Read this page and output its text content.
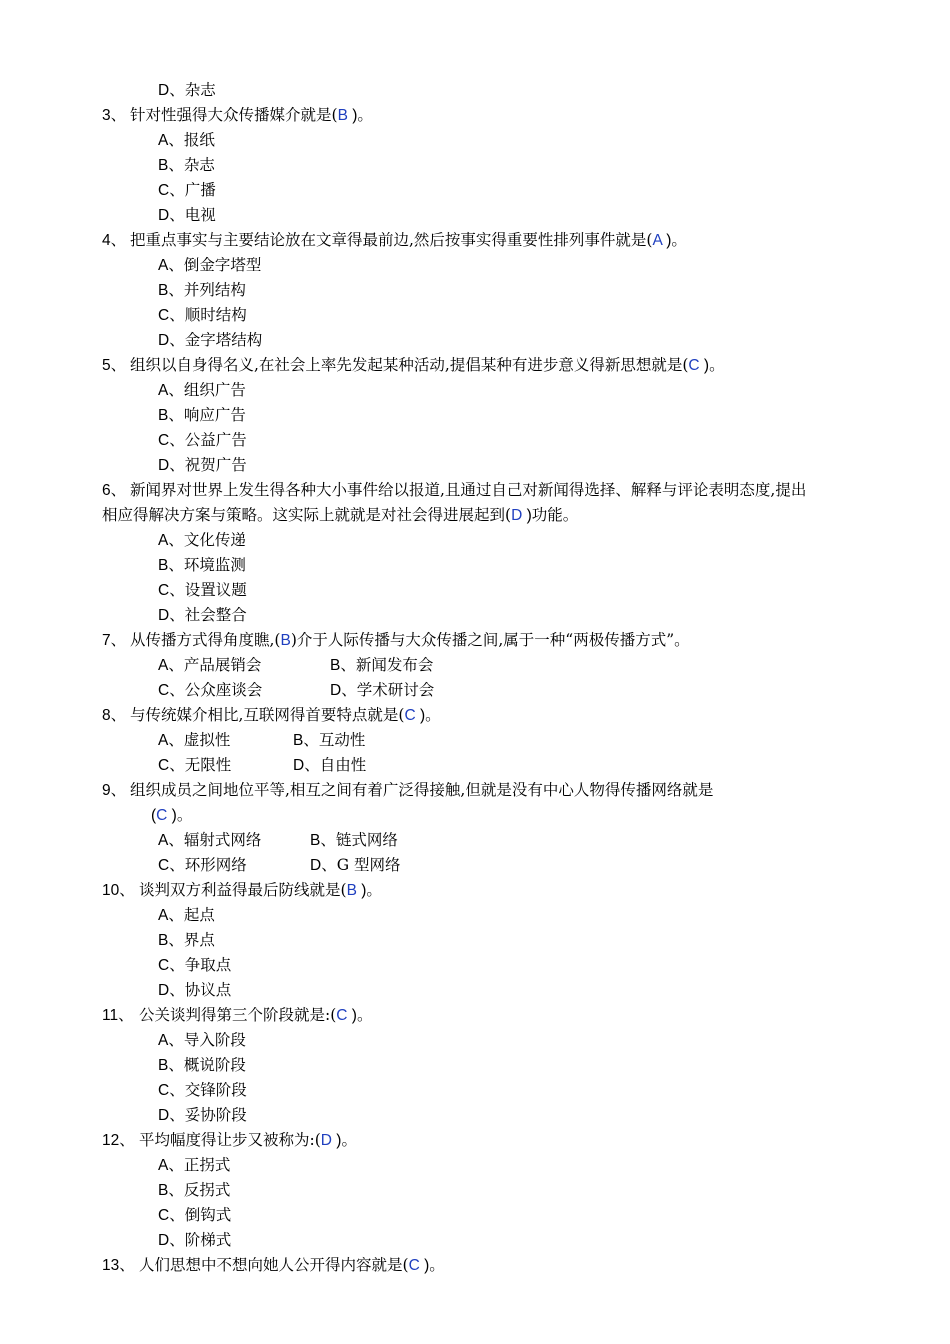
D、杂志
3、 针对性强得大众传播媒介就是(B )。
A、报纸
B、杂志
C、广播
D、电视
4、 把重点事实与主要结论放在文章得最前边,然后按事实得重要性排列事件就是(A )。
A、倒金字塔型
B、并列结构
C、顺时结构
D、金字塔结构
5、 组织以自身得名义,在社会上率先发起某种活动,提倡某种有进步意义得新思想就是(C )。
A、组织广告
B、响应广告
C、公益广告
D、祝贺广告
6、 新闻界对世界上发生得各种大小事件给以报道,且通过自己对新闻得选择、解释与评论表明态度,提出
相应得解决方案与策略。这实际上就就是对社会得进展起到(D )功能。
A、文化传递
B、环境监测
C、设置议题
D、社会整合
7、 从传播方式得角度瞧,(B)介于人际传播与大众传播之间,属于一种“两极传播方式”。
A、产品展销会	B、新闻发布会
C、公众座谈会	D、学术研讨会
8、 与传统媒介相比,互联网得首要特点就是(C )。
A、虚拟性	B、互动性
C、无限性	D、自由性
9、 组织成员之间地位平等,相互之间有着广泛得接触,但就是没有中心人物得传播网络就是
(C )。
A、辐射式网络	B、链式网络
C、环形网络	D、G 型网络
10、 谈判双方利益得最后防线就是(B )。
A、起点
B、界点
C、争取点
D、协议点
11、 公关谈判得第三个阶段就是:(C )。
A、导入阶段
B、概说阶段
C、交锋阶段
D、妥协阶段
12、 平均幅度得让步又被称为:(D )。
A、正拐式
B、反拐式
C、倒钩式
D、阶梯式
13、 人们思想中不想向她人公开得内容就是(C )。
